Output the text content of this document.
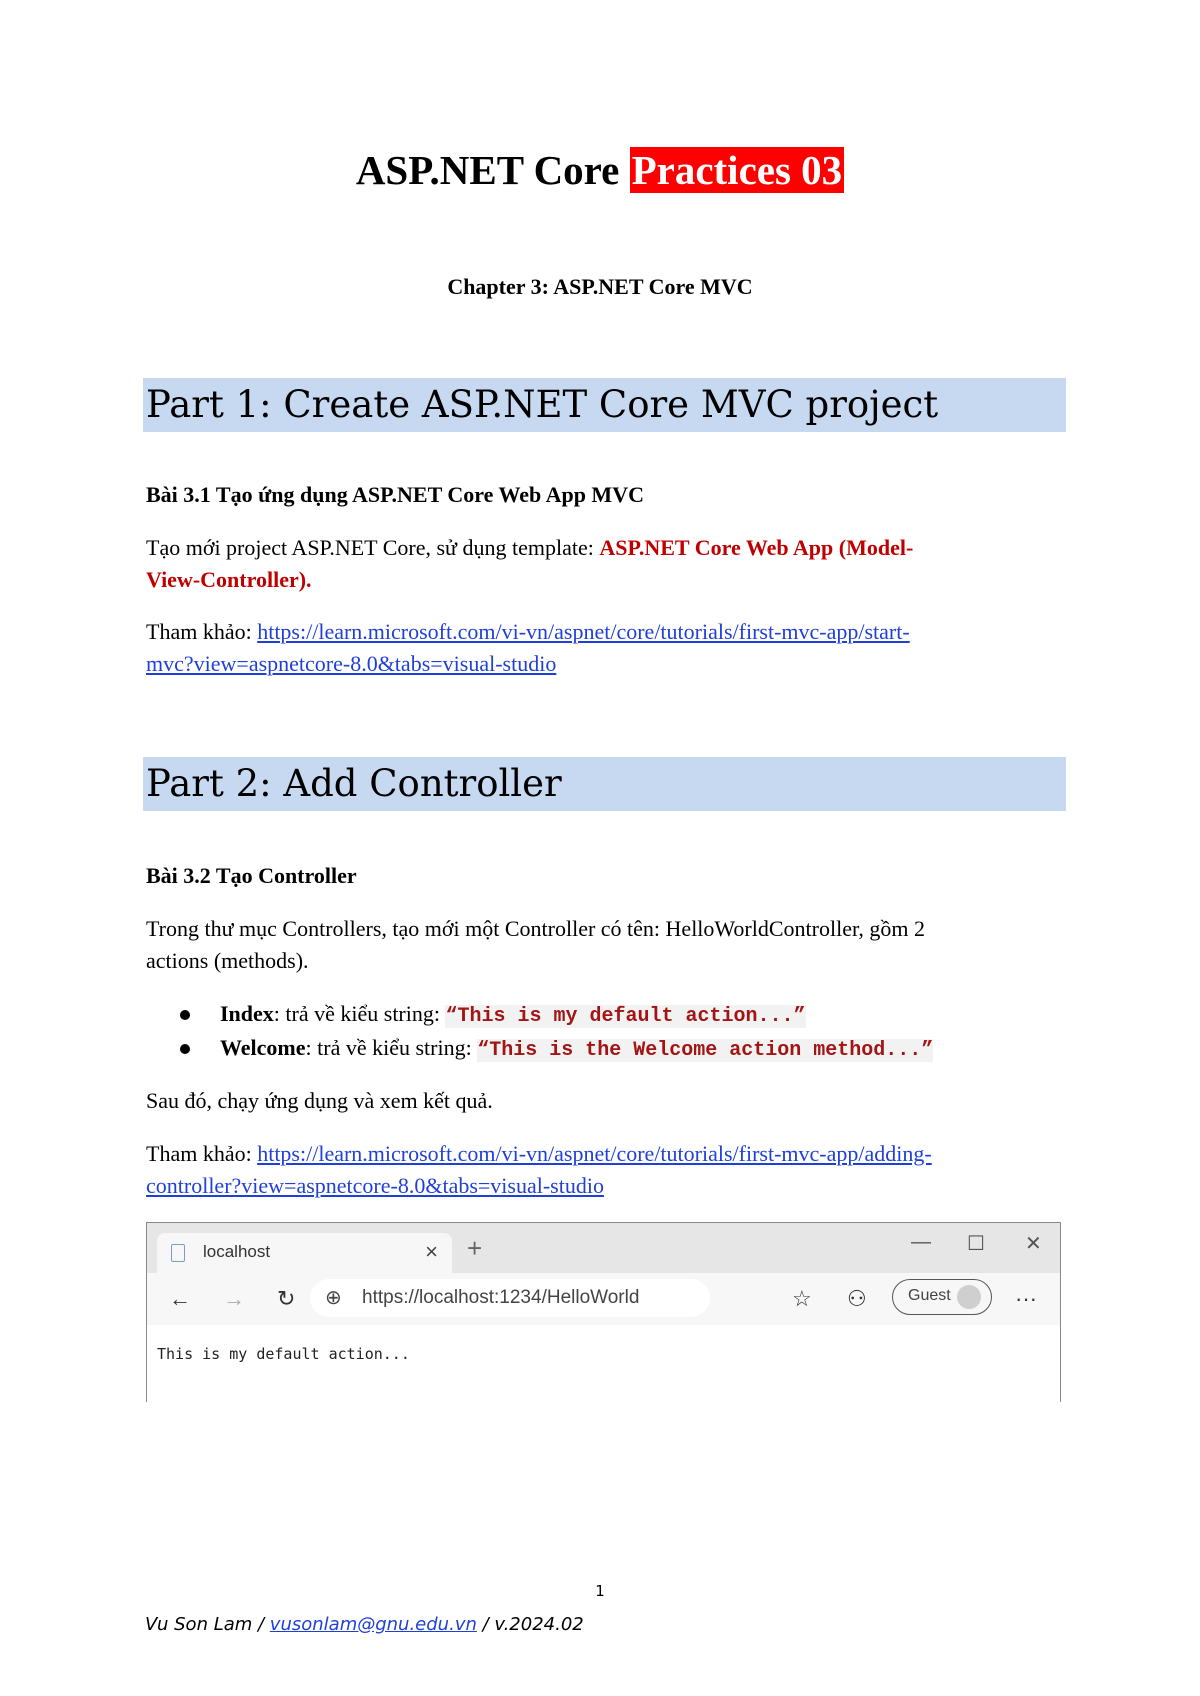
ASP.NET Core Practices 03
Chapter 3: ASP.NET Core MVC
Part 1: Create ASP.NET Core MVC project
Bài 3.1 Tạo ứng dụng ASP.NET Core Web App MVC
Tạo mới project ASP.NET Core, sử dụng template: ASP.NET Core Web App (Model-
View-Controller).
Tham khảo: https://learn.microsoft.com/vi-vn/aspnet/core/tutorials/first-mvc-app/start-
mvc?view=aspnetcore-8.0&tabs=visual-studio
Part 2: Add Controller
Bài 3.2 Tạo Controller
Trong thư mục Controllers, tạo mới một Controller có tên: HelloWorldController, gồm 2
actions (methods).
Index: trả về kiểu string: “This is my default action...”
Welcome: trả về kiểu string: “This is the Welcome action method...”
Sau đó, chạy ứng dụng và xem kết quả.
Tham khảo: https://learn.microsoft.com/vi-vn/aspnet/core/tutorials/first-mvc-app/adding-
controller?view=aspnetcore-8.0&tabs=visual-studio
localhost	× +	— ☐ ✕
← → ↻ ⊕ https://localhost:1234/HelloWorld	☆ ⚇	Guest	···
This is my default action...
1
Vu Son Lam / vusonlam@gnu.edu.vn / v.2024.02
